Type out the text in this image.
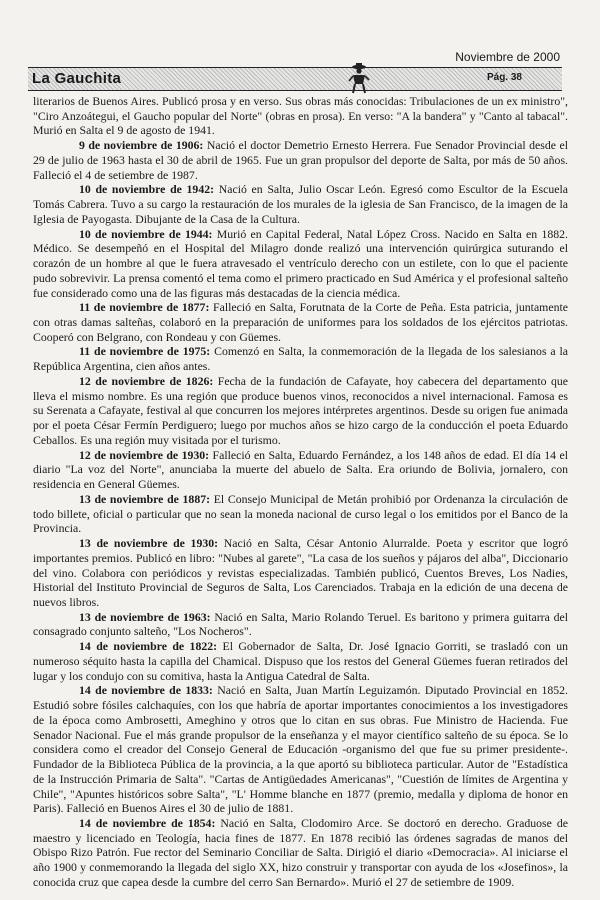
Noviembre de 2000
La Gauchita	Pág. 38

literarios de Buenos Aires. Publicó prosa y en verso. Sus obras más conocidas: Tribulaciones de un ex ministro", "Ciro Anzoátegui, el Gaucho popular del Norte" (obras en prosa). En verso: "A la bandera" y "Canto al tabacal". Murió en Salta el 9 de agosto de 1941.

9 de noviembre de 1906: Nació el doctor Demetrio Ernesto Herrera. Fue Senador Provincial desde el 29 de julio de 1963 hasta el 30 de abril de 1965. Fue un gran propulsor del deporte de Salta, por más de 50 años. Falleció el 4 de setiembre de 1987.

10 de noviembre de 1942: Nació en Salta, Julio Oscar León. Egresó como Escultor de la Escuela Tomás Cabrera. Tuvo a su cargo la restauración de los murales de la iglesia de San Francisco, de la imagen de la Iglesia de Payogasta. Dibujante de la Casa de la Cultura.

10 de noviembre de 1944: Murió en Capital Federal, Natal López Cross. Nacido en Salta en 1882. Médico. Se desempeñó en el Hospital del Milagro donde realizó una intervención quirúrgica suturando el corazón de un hombre al que le fuera atravesado el ventrículo derecho con un estilete, con lo que el paciente pudo sobrevivir. La prensa comentó el tema como el primero practicado en Sud América y el profesional salteño fue considerado como una de las figuras más destacadas de la ciencia médica.

11 de noviembre de 1877: Falleció en Salta, Forutnata de la Corte de Peña. Esta patricia, juntamente con otras damas salteñas, colaboró en la preparación de uniformes para los soldados de los ejércitos patriotas. Cooperó con Belgrano, con Rondeau y con Güemes.

11 de noviembre de 1975: Comenzó en Salta, la conmemoración de la llegada de los salesianos a la República Argentina, cien años antes.

12 de noviembre de 1826: Fecha de la fundación de Cafayate, hoy cabecera del departamento que lleva el mismo nombre. Es una región que produce buenos vinos, reconocidos a nivel internacional. Famosa es su Serenata a Cafayate, festival al que concurren los mejores intérpretes argentinos. Desde su origen fue animada por el poeta César Fermín Perdiguero; luego por muchos años se hizo cargo de la conducción el poeta Eduardo Ceballos. Es una región muy visitada por el turismo.

12 de noviembre de 1930: Falleció en Salta, Eduardo Fernández, a los 148 años de edad. El día 14 el diario "La voz del Norte", anunciaba la muerte del abuelo de Salta. Era oriundo de Bolivia, jornalero, con residencia en General Güemes.

13 de noviembre de 1887: El Consejo Municipal de Metán prohibió por Ordenanza la circulación de todo billete, oficial o particular que no sean la moneda nacional de curso legal o los emitidos por el Banco de la Provincia.

13 de noviembre de 1930: Nació en Salta, César Antonio Alurralde. Poeta y escritor que logró importantes premios. Publicó en libro: "Nubes al garete", "La casa de los sueños y pájaros del alba", Diccionario del vino. Colabora con periódicos y revistas especializadas. También publicó, Cuentos Breves, Los Nadies, Historial del Instituto Provincial de Seguros de Salta, Los Carenciados. Trabaja en la edición de una decena de nuevos libros.

13 de noviembre de 1963: Nació en Salta, Mario Rolando Teruel. Es baritono y primera guitarra del consagrado conjunto salteño, "Los Nocheros".

14 de noviembre de 1822: El Gobernador de Salta, Dr. José Ignacio Gorriti, se trasladó con un numeroso séquito hasta la capilla del Chamical. Dispuso que los restos del General Güemes fueran retirados del lugar y los condujo con su comitiva, hasta la Antigua Catedral de Salta.

14 de noviembre de 1833: Nació en Salta, Juan Martín Leguizamón. Diputado Provincial en 1852. Estudió sobre fósiles calchaquíes, con los que habría de aportar importantes conocimientos a los investigadores de la época como Ambrosetti, Ameghino y otros que lo citan en sus obras. Fue Ministro de Hacienda. Fue Senador Nacional. Fue el más grande propulsor de la enseñanza y el mayor científico salteño de su época. Se lo considera como el creador del Consejo General de Educación -organismo del que fue su primer presidente-. Fundador de la Biblioteca Pública de la provincia, a la que aportó su biblioteca particular. Autor de "Estadística de la Instrucción Primaria de Salta". "Cartas de Antigüedades Americanas", "Cuestión de límites de Argentina y Chile", "Apuntes históricos sobre Salta", "L' Homme blanche en 1877 (premio, medalla y diploma de honor en Paris). Falleció en Buenos Aires el 30 de julio de 1881.

14 de noviembre de 1854: Nació en Salta, Clodomiro Arce. Se doctoró en derecho. Graduose de maestro y licenciado en Teología, hacia fines de 1877. En 1878 recibió las órdenes sagradas de manos del Obispo Rizo Patrón. Fue rector del Seminario Conciliar de Salta. Dirigió el diario «Democracia». Al iniciarse el año 1900 y conmemorando la llegada del siglo XX, hizo construir y transportar con ayuda de los «Josefinos», la conocida cruz que capea desde la cumbre del cerro San Bernardo». Murió el 27 de setiembre de 1909.
